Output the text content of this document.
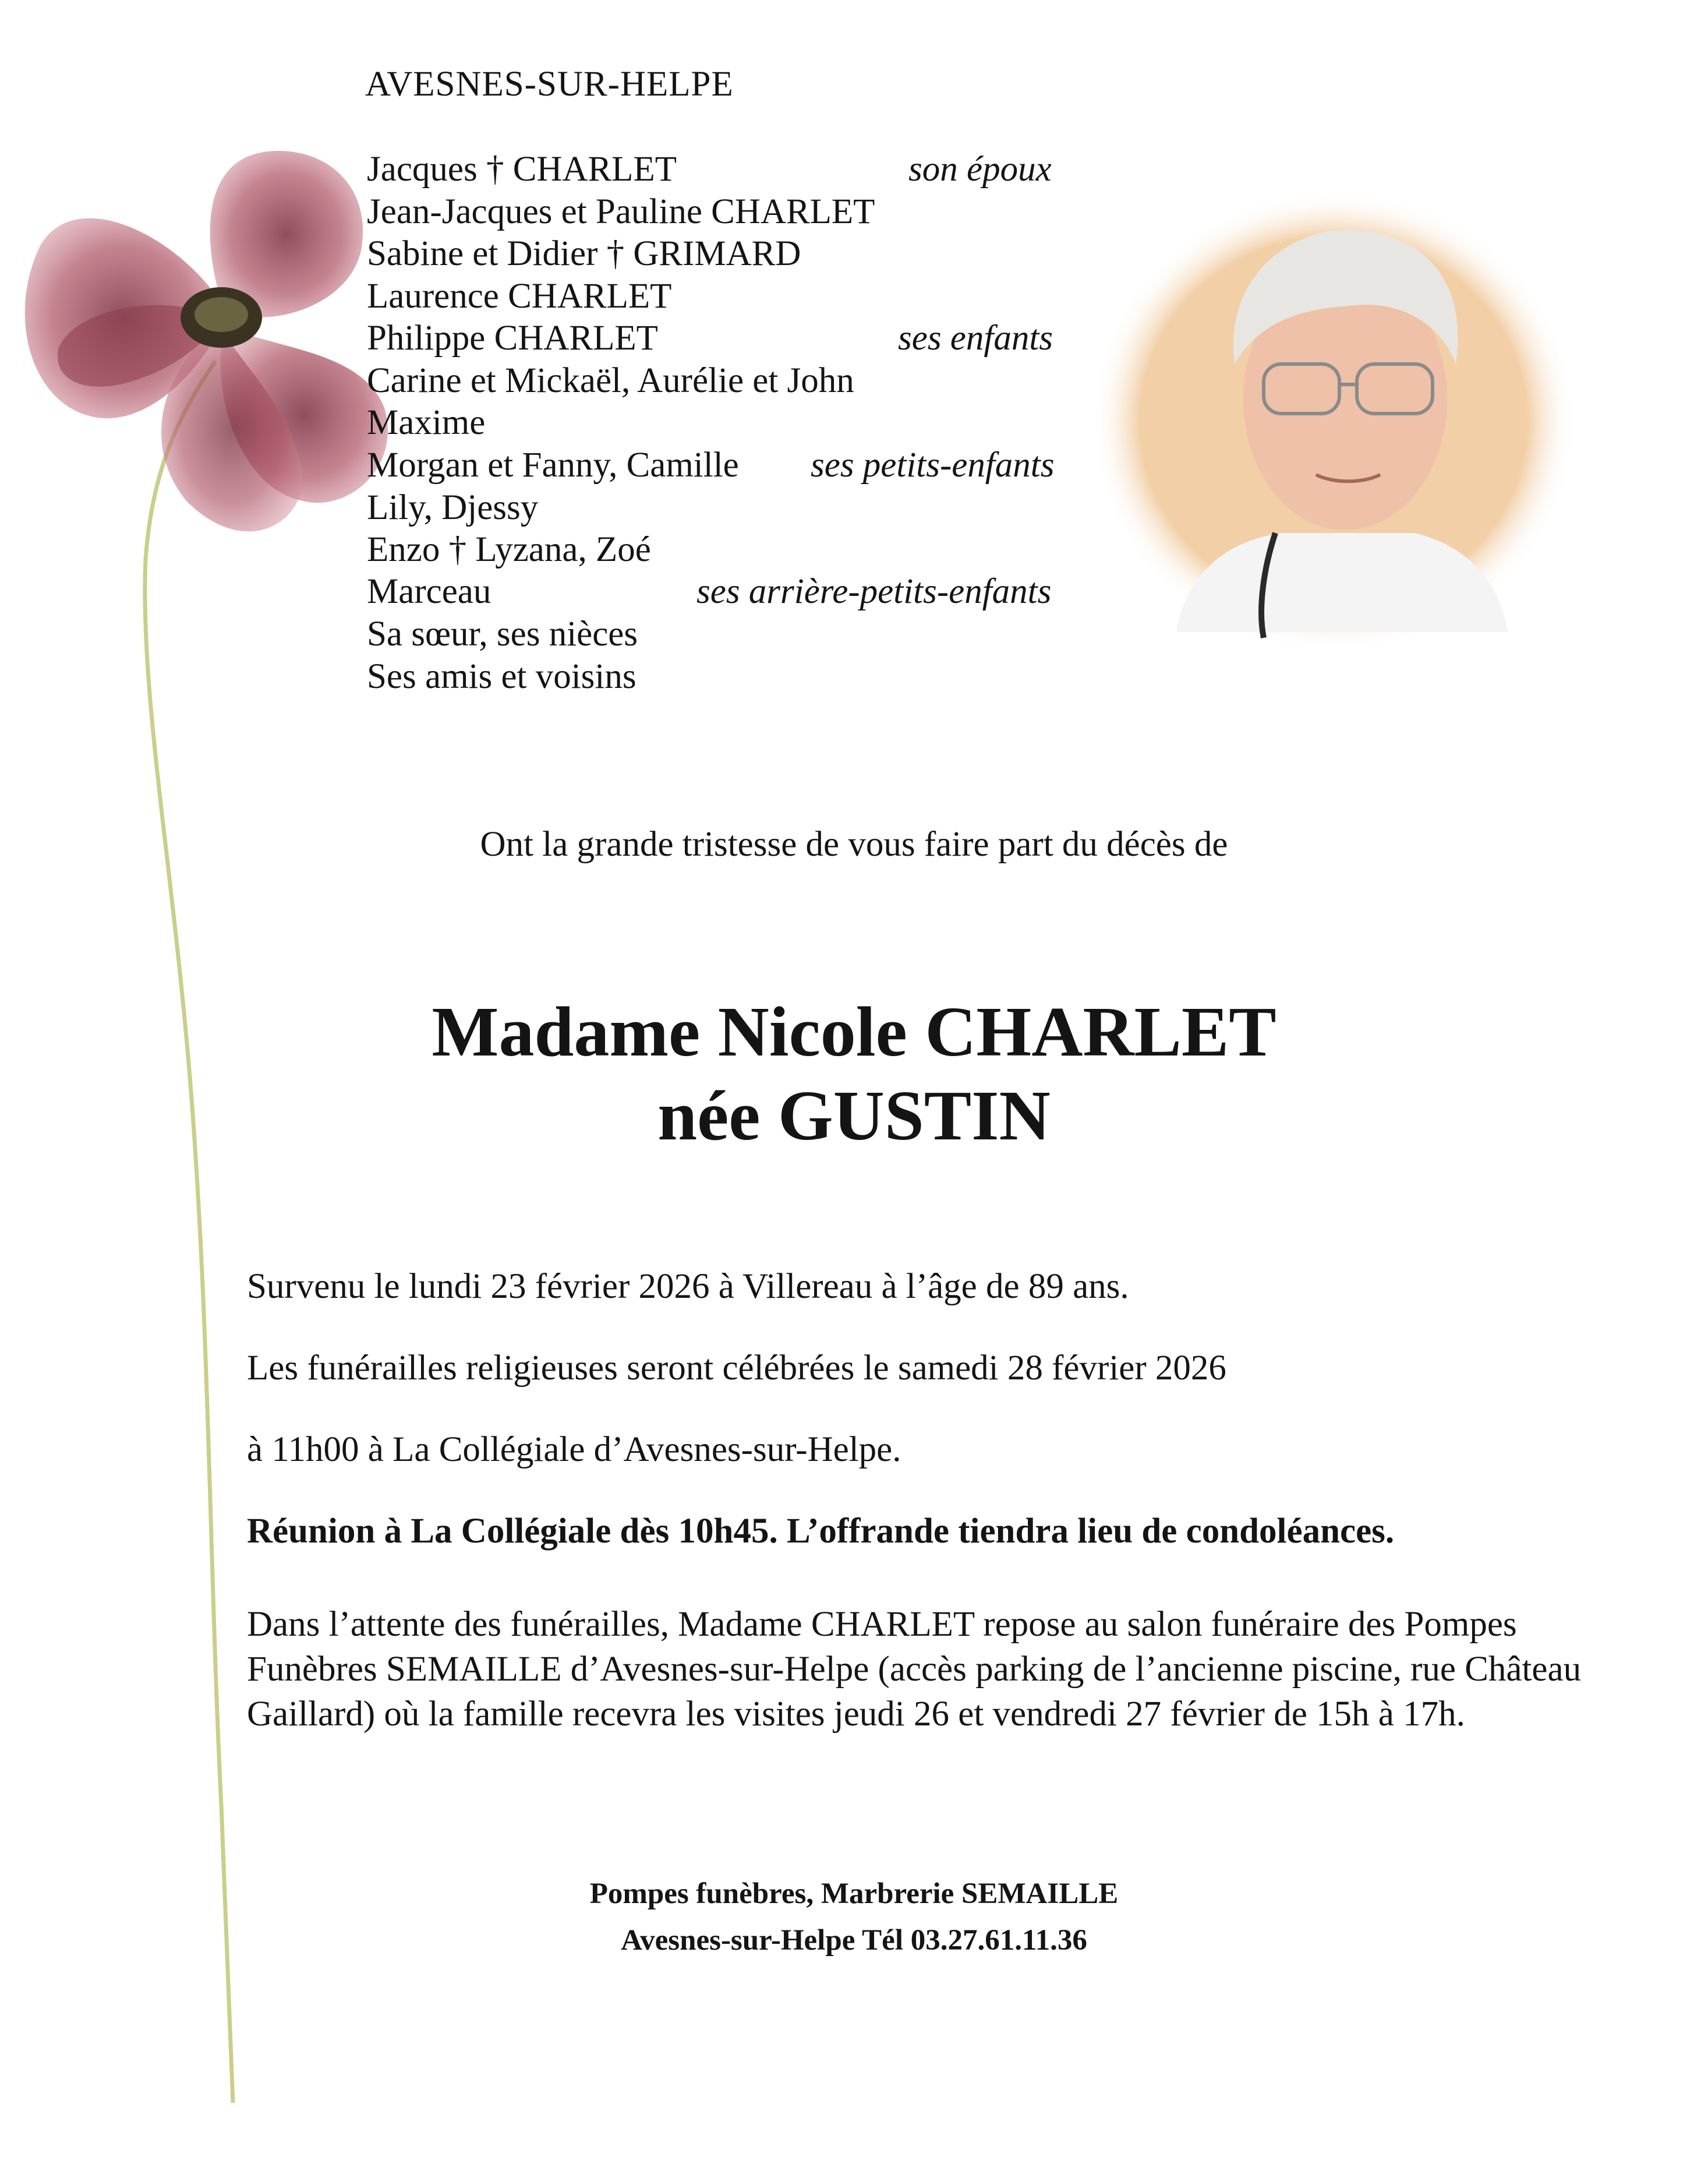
AVESNES-SUR-HELPE
Jacques † CHARLET	son époux
Jean-Jacques et Pauline CHARLET
Sabine et Didier † GRIMARD
Laurence CHARLET
Philippe CHARLET	ses enfants
Carine et Mickaël, Aurélie et John
Maxime
Morgan et Fanny, Camille ses petits-enfants
Lily, Djessy
Enzo † Lyzana, Zoé
Marceau	ses arrière-petits-enfants
Sa sœur, ses nièces
Ses amis et voisins
Ont la grande tristesse de vous faire part du décès de
Madame Nicole CHARLET
née GUSTIN
Survenu le lundi 23 février 2026 à Villereau à l’âge de 89 ans.
Les funérailles religieuses seront célébrées le samedi 28 février 2026
à 11h00 à La Collégiale d’Avesnes-sur-Helpe.
Réunion à La Collégiale dès 10h45. L’offrande tiendra lieu de condoléances.
Dans l’attente des funérailles, Madame CHARLET repose au salon funéraire des Pompes Funèbres SEMAILLE d’Avesnes-sur-Helpe (accès parking de l’ancienne piscine, rue Château Gaillard) où la famille recevra les visites jeudi 26 et vendredi 27 février de 15h à 17h.
Pompes funèbres, Marbrerie SEMAILLE
Avesnes-sur-Helpe Tél 03.27.61.11.36
